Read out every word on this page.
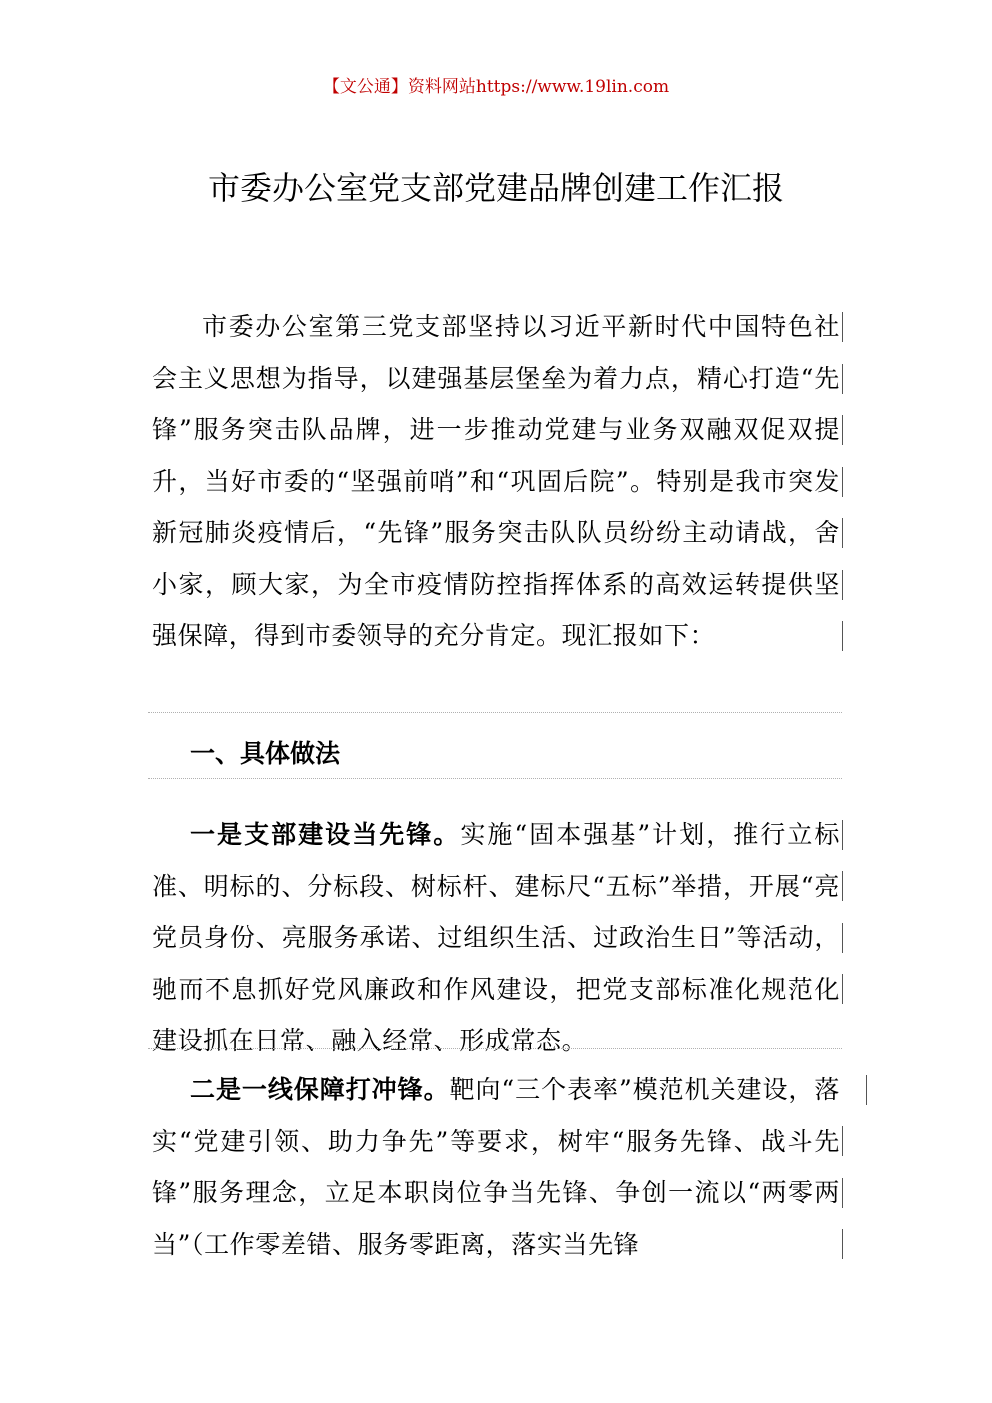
【文公通】资料网站https://www.19lin.com
市委办公室党支部党建品牌创建工作汇报
市委办公室第三党支部坚持以习近平新时代中国特色社会主义思想为指导，以建强基层堡垒为着力点，精心打造“先锋”服务突击队品牌，进一步推动党建与业务双融双促双提升，当好市委的“坚强前哨”和“巩固后院”。特别是我市突发新冠肺炎疫情后，“先锋”服务突击队队员纷纷主动请战，舍小家，顾大家，为全市疫情防控指挥体系的高效运转提供坚强保障，得到市委领导的充分肯定。现汇报如下：
一、具体做法
一是支部建设当先锋。实施“固本强基”计划，推行立标准、明标的、分标段、树标杆、建标尺“五标”举措，开展“亮党员身份、亮服务承诺、过组织生活、过政治生日”等活动，驰而不息抓好党风廉政和作风建设，把党支部标准化规范化建设抓在日常、融入经常、形成常态。
二是一线保障打冲锋。靶向“三个表率”模范机关建设，落实“党建引领、助力争先”等要求，树牢“服务先锋、战斗先锋”服务理念，立足本职岗位争当先锋、争创一流以“两零两当”（工作零差错、服务零距离，落实当先锋
